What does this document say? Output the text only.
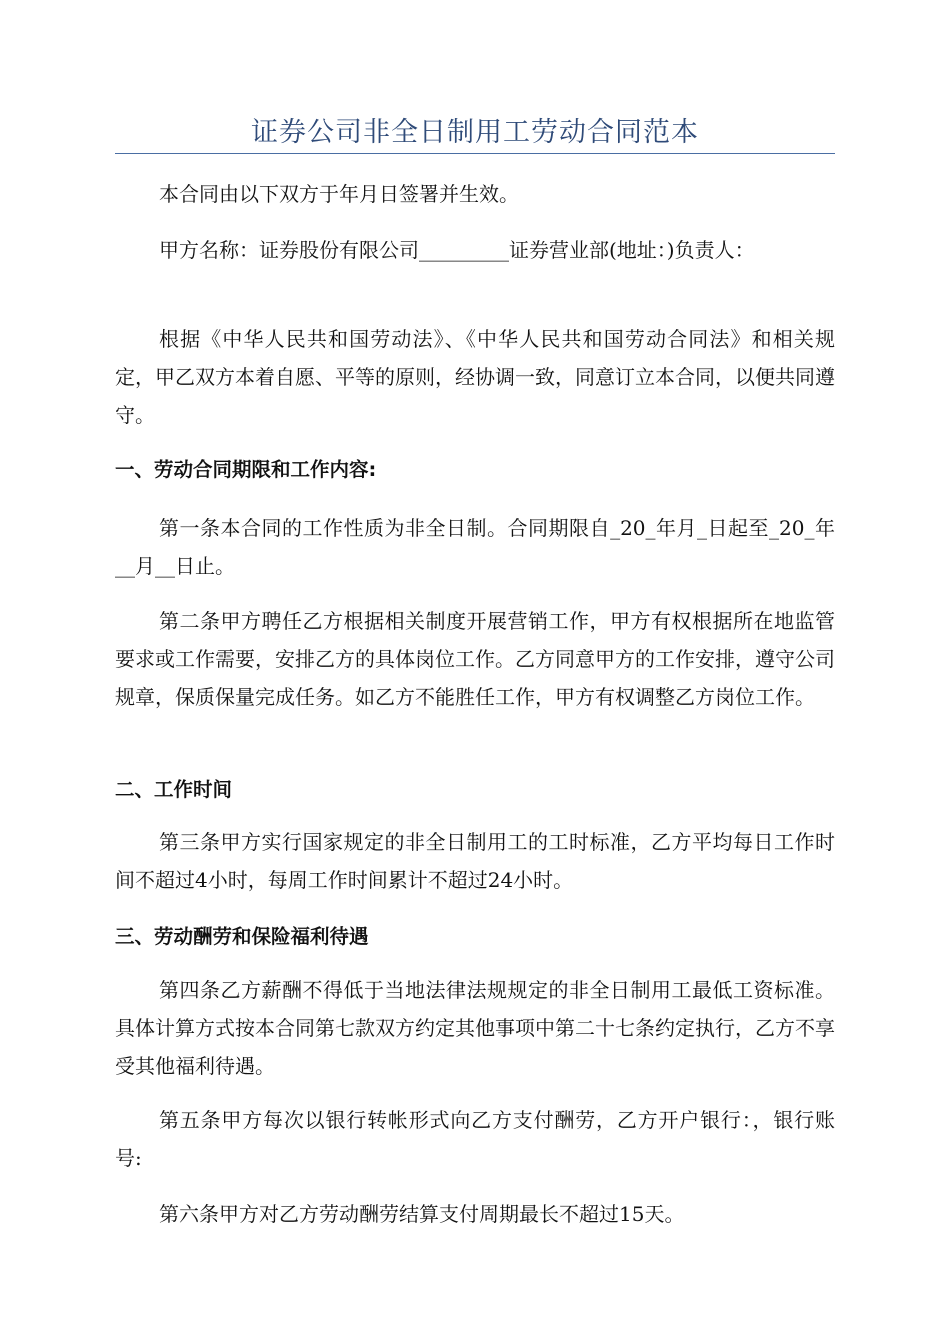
证券公司非全日制用工劳动合同范本

本合同由以下双方于年月日签署并生效。

甲方名称：证券股份有限公司_________证券营业部(地址：)负责人：

根据《中华人民共和国劳动法》、《中华人民共和国劳动合同法》和相关规定，甲乙双方本着自愿、平等的原则，经协调一致，同意订立本合同，以便共同遵守。

一、劳动合同期限和工作内容:

第一条本合同的工作性质为非全日制。合同期限自_20_年月_日起至_20_年__月__日止。

第二条甲方聘任乙方根据相关制度开展营销工作，甲方有权根据所在地监管要求或工作需要，安排乙方的具体岗位工作。乙方同意甲方的工作安排，遵守公司规章，保质保量完成任务。如乙方不能胜任工作，甲方有权调整乙方岗位工作。

二、工作时间

第三条甲方实行国家规定的非全日制用工的工时标准，乙方平均每日工作时间不超过4小时，每周工作时间累计不超过24小时。

三、劳动酬劳和保险福利待遇

第四条乙方薪酬不得低于当地法律法规规定的非全日制用工最低工资标准。具体计算方式按本合同第七款双方约定其他事项中第二十七条约定执行，乙方不享受其他福利待遇。

第五条甲方每次以银行转帐形式向乙方支付酬劳，乙方开户银行：，银行账号:

第六条甲方对乙方劳动酬劳结算支付周期最长不超过15天。
